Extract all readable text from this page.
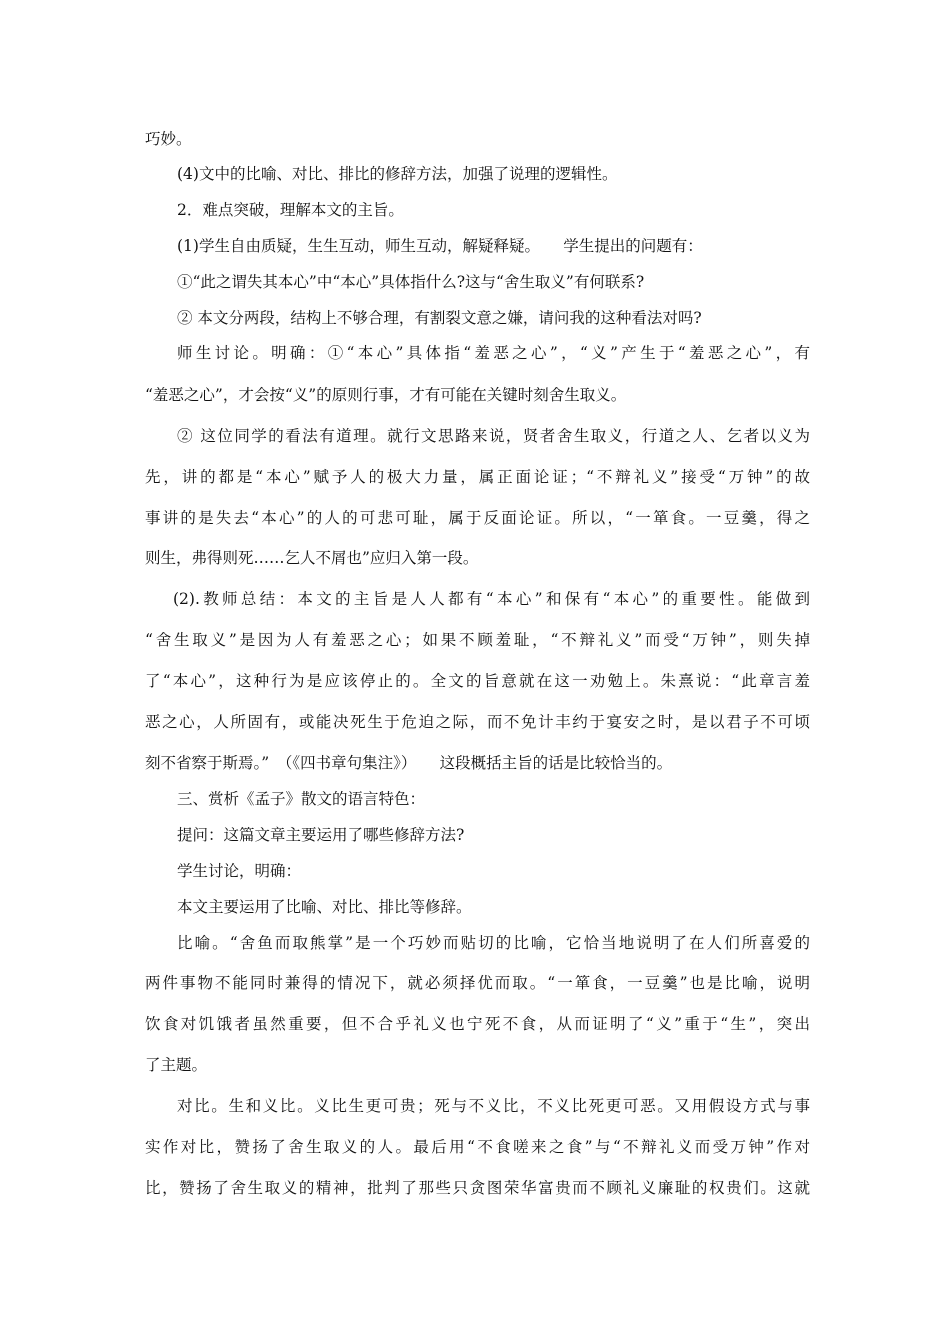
巧妙。
(4)文中的比喻、对比、排比的修辞方法，加强了说理的逻辑性。
2．难点突破，理解本文的主旨。
(1)学生自由质疑，生生互动，师生互动，解疑释疑。　　学生提出的问题有：
①“此之谓失其本心”中“本心”具体指什么?这与“舍生取义”有何联系?
② 本文分两段，结构上不够合理，有割裂文意之嫌，请问我的这种看法对吗?
师生讨论。明确：①“本心”具体指“羞恶之心”，“义”产生于“羞恶之心”，有
“羞恶之心”，才会按“义”的原则行事，才有可能在关键时刻舍生取义。
② 这位同学的看法有道理。就行文思路来说，贤者舍生取义，行道之人、乞者以义为
先，讲的都是“本心”赋予人的极大力量，属正面论证；“不辩礼义”接受“万钟”的故
事讲的是失去“本心”的人的可悲可耻，属于反面论证。所以，“一箪食。一豆羹，得之
则生，弗得则死……乞人不屑也”应归入第一段。
(2).教师总结：本文的主旨是人人都有“本心”和保有“本心”的重要性。能做到
“舍生取义”是因为人有羞恶之心；如果不顾羞耻，“不辩礼义”而受“万钟”，则失掉
了“本心”，这种行为是应该停止的。全文的旨意就在这一劝勉上。朱熹说：“此章言羞
恶之心，人所固有，或能决死生于危迫之际，而不免计丰约于宴安之时，是以君子不可顷
刻不省察于斯焉。”　（《四书章句集注》）　　这段概括主旨的话是比较恰当的。
三、赏析《孟子》散文的语言特色：
提问：这篇文章主要运用了哪些修辞方法?
学生讨论，明确：
本文主要运用了比喻、对比、排比等修辞。
比喻。“舍鱼而取熊掌”是一个巧妙而贴切的比喻，它恰当地说明了在人们所喜爱的
两件事物不能同时兼得的情况下，就必须择优而取。“一箪食，一豆羹”也是比喻，说明
饮食对饥饿者虽然重要，但不合乎礼义也宁死不食，从而证明了“义”重于“生”，突出
了主题。
对比。生和义比。义比生更可贵；死与不义比，不义比死更可恶。又用假设方式与事
实作对比，赞扬了舍生取义的人。最后用“不食嗟来之食”与“不辩礼义而受万钟”作对
比，赞扬了舍生取义的精神，批判了那些只贪图荣华富贵而不顾礼义廉耻的权贵们。这就
